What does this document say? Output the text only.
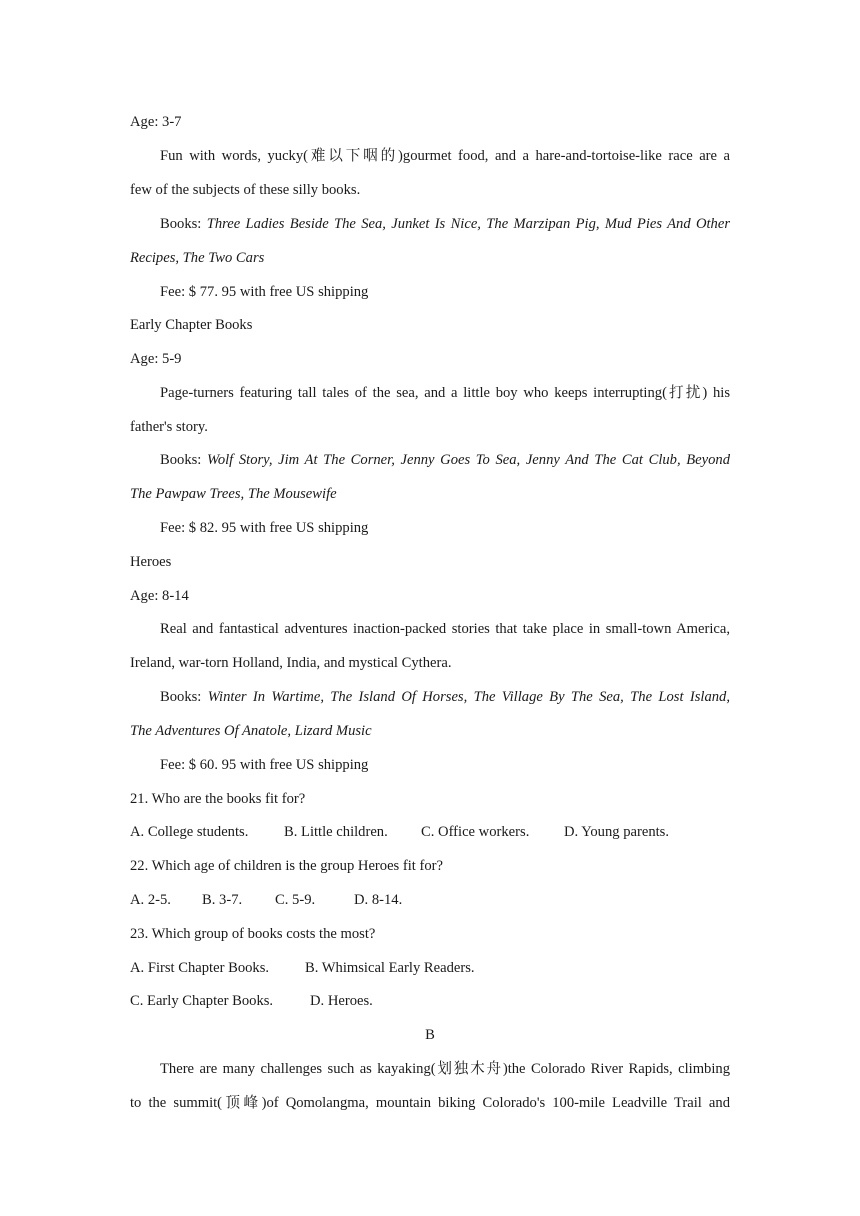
Age: 3-7
Fun with words, yucky(难以下咽的)gourmet food, and a hare-and-tortoise-like race are a
few of the subjects of these silly books.
Books: Three Ladies Beside The Sea, Junket Is Nice, The Marzipan Pig, Mud Pies And Other
Recipes, The Two Cars
Fee: $ 77. 95 with free US shipping
Early Chapter Books
Age: 5-9
Page-turners featuring tall tales of the sea, and a little boy who keeps interrupting(打扰) his
father's story.
Books: Wolf Story, Jim At The Corner, Jenny Goes To Sea, Jenny And The Cat Club, Beyond
The Pawpaw Trees, The Mousewife
Fee: $ 82. 95 with free US shipping
Heroes
Age: 8-14
Real and fantastical adventures inaction-packed stories that take place in small-town America,
Ireland, war-torn Holland, India, and mystical Cythera.
Books: Winter In Wartime, The Island Of Horses, The Village By The Sea, The Lost Island,
The Adventures Of Anatole, Lizard Music
Fee: $ 60. 95 with free US shipping
21. Who are the books fit for?
A. College students. B. Little children. C. Office workers. D. Young parents.
22. Which age of children is the group Heroes fit for?
A. 2-5. B. 3-7. C. 5-9.	D. 8-14.
23. Which group of books costs the most?
A. First Chapter Books. B. Whimsical Early Readers.
C. Early Chapter Books.	D. Heroes.
B
There are many challenges such as kayaking(划独木舟)the Colorado River Rapids, climbing
to the summit(顶峰)of Qomolangma, mountain biking Colorado's 100-mile Leadville Trail and
